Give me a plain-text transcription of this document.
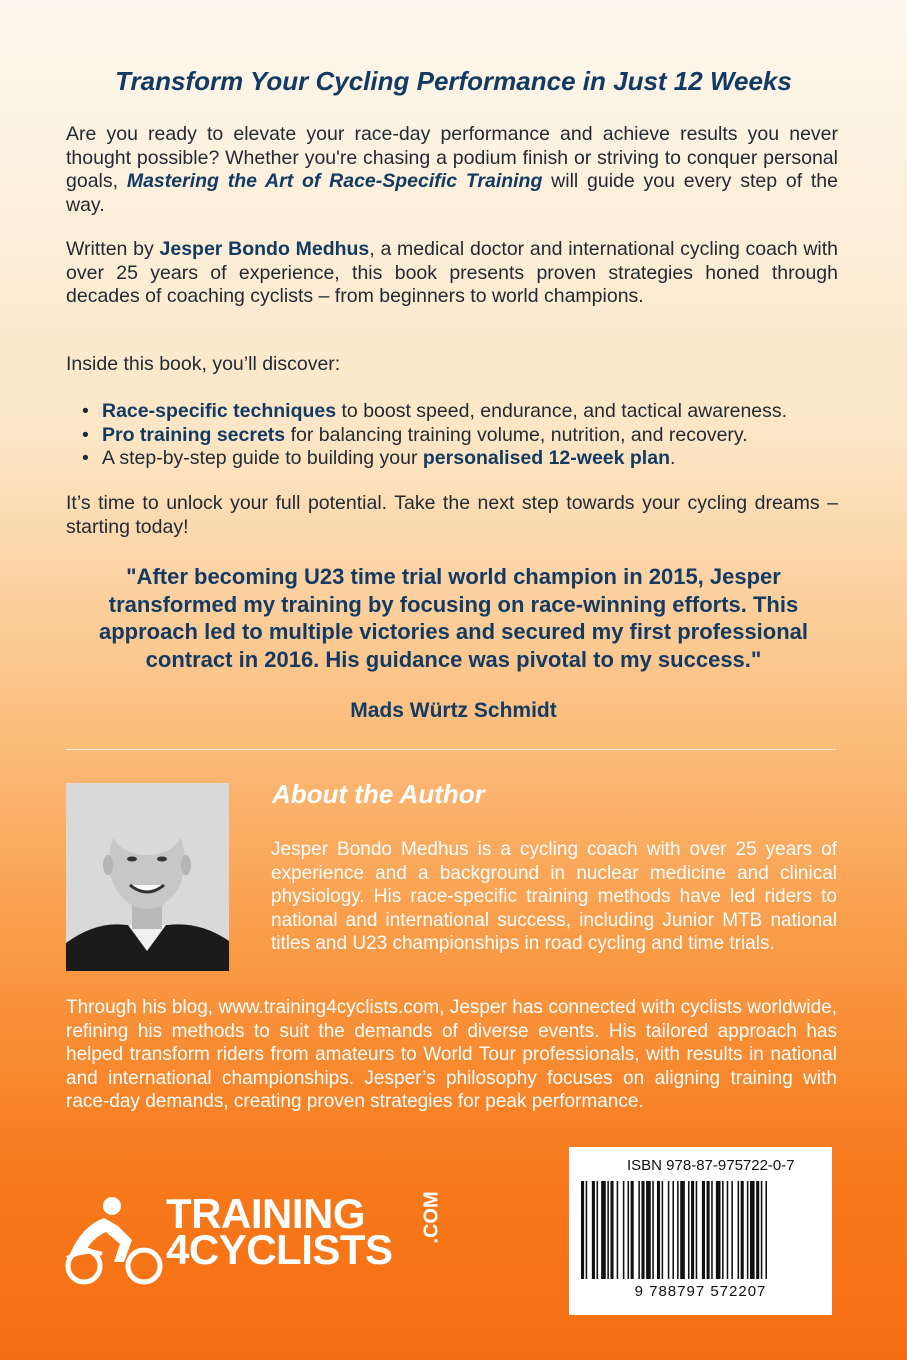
Transform Your Cycling Performance in Just 12 Weeks

Are you ready to elevate your race-day performance and achieve results you never thought possible? Whether you're chasing a podium finish or striving to conquer personal goals, Mastering the Art of Race-Specific Training will guide you every step of the way.

Written by Jesper Bondo Medhus, a medical doctor and international cycling coach with over 25 years of experience, this book presents proven strategies honed through decades of coaching cyclists – from beginners to world champions.

Inside this book, you’ll discover:

• Race-specific techniques to boost speed, endurance, and tactical awareness.
• Pro training secrets for balancing training volume, nutrition, and recovery.
• A step-by-step guide to building your personalised 12-week plan.

It’s time to unlock your full potential. Take the next step towards your cycling dreams – starting today!

"After becoming U23 time trial world champion in 2015, Jesper transformed my training by focusing on race-winning efforts. This approach led to multiple victories and secured my first professional contract in 2016. His guidance was pivotal to my success."

Mads Würtz Schmidt
About the Author

Jesper Bondo Medhus is a cycling coach with over 25 years of experience and a background in nuclear medicine and clinical physiology. His race-specific training methods have led riders to national and international success, including Junior MTB national titles and U23 championships in road cycling and time trials.

Through his blog, www.training4cyclists.com, Jesper has connected with cyclists worldwide, refining his methods to suit the demands of diverse events. His tailored approach has helped transform riders from amateurs to World Tour professionals, with results in national and international championships. Jesper’s philosophy focuses on aligning training with race-day demands, creating proven strategies for peak performance.

TRAINING
4CYCLISTS
.COM
ISBN 978-87-975722-0-7
9 788797 572207
